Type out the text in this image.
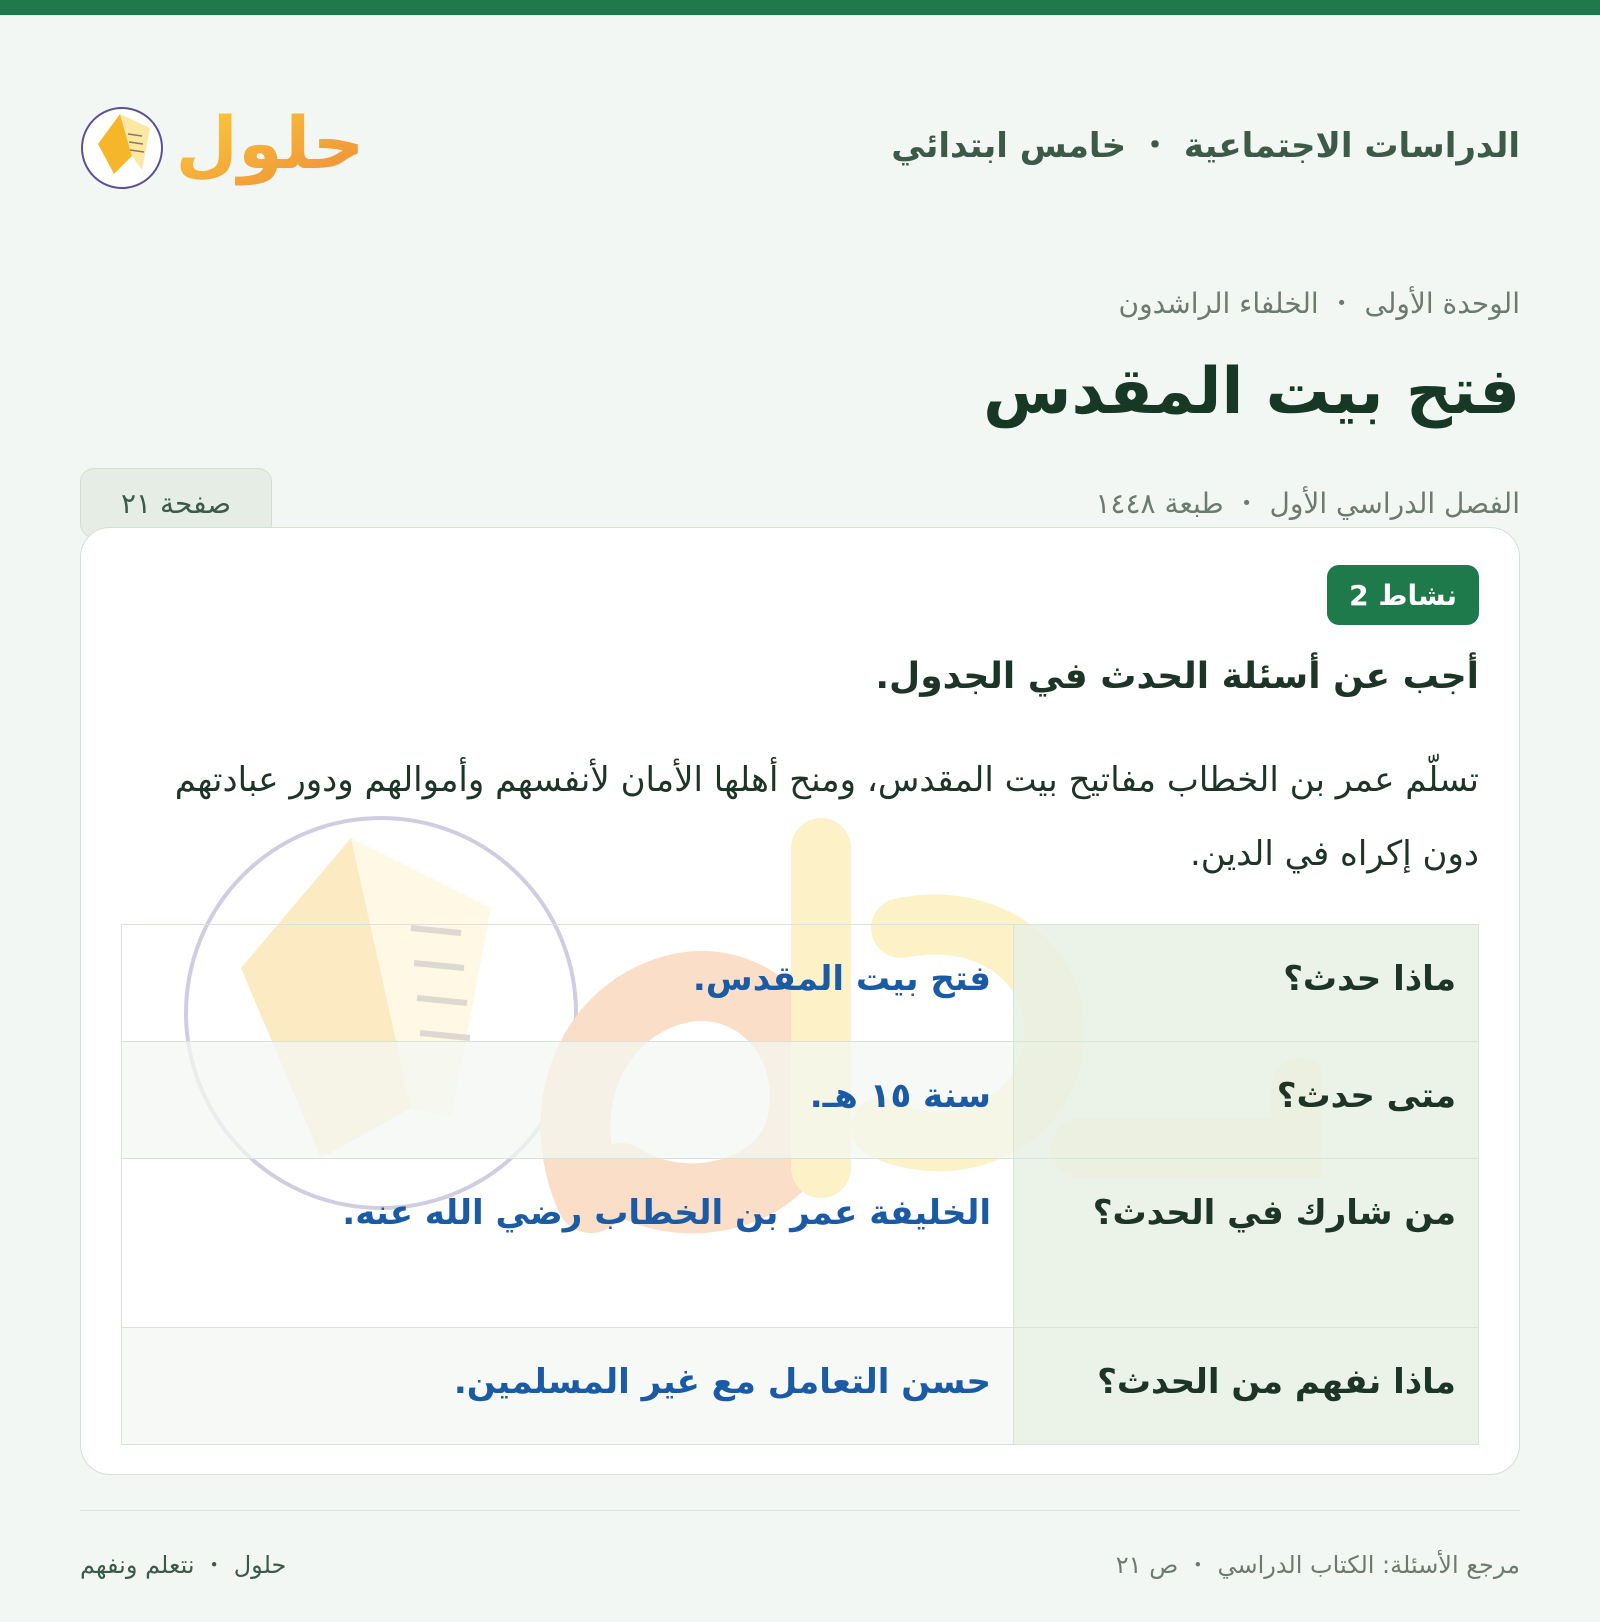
الدراسات الاجتماعية ・ خامس ابتدائي
حلول
الوحدة الأولى ・ الخلفاء الراشدون
فتح بيت المقدس
الفصل الدراسي الأول ・ طبعة ١٤٤٨
صفحة ٢١
نشاط 2
أجب عن أسئلة الحدث في الجدول.
تسلّم عمر بن الخطاب مفاتيح بيت المقدس، ومنح أهلها الأمان لأنفسهم وأموالهم ودور عبادتهم دون إكراه في الدين.
ماذا حدث؟	فتح بيت المقدس.
متى حدث؟	سنة ١٥ هـ.
من شارك في الحدث؟	الخليفة عمر بن الخطاب رضي الله عنه.
ماذا نفهم من الحدث؟	حسن التعامل مع غير المسلمين.
مرجع الأسئلة: الكتاب الدراسي ・ ص ٢١
حلول ・ نتعلم ونفهم
